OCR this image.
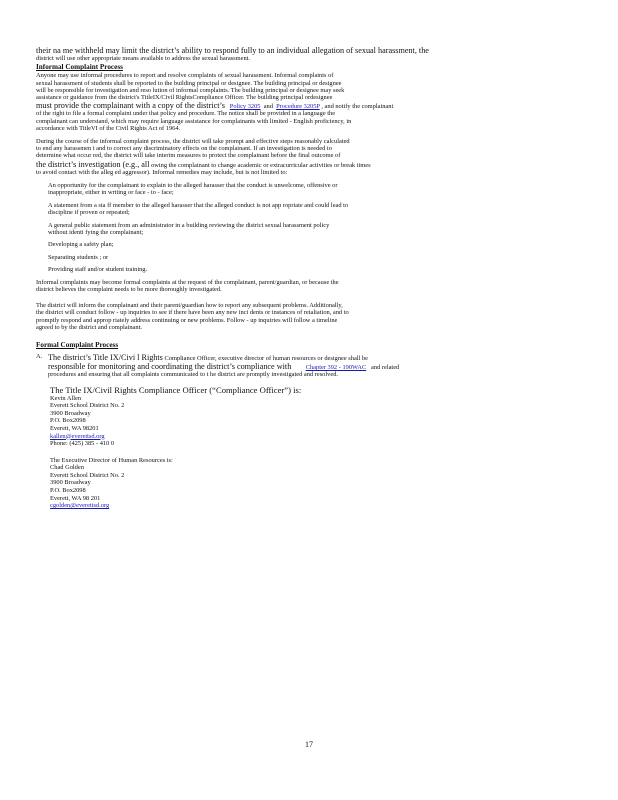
their na me withheld may limit the district’s ability to respond fully to an individual allegation of sexual harassment, the
district will use other appropriate means available to address the sexual harassment.
Informal Complaint Process
Anyone may use informal procedures to report and resolve complaints of sexual harassment. Informal complaints of
sexual harassment of students shall be reported to the building principal or designee. The building principal or designee
will be responsible for investigation and reso lution of informal complaints. The building principal or designee may seek
assistance or guidance from the district's TitleIX/Civil RightsCompliance Officer. The building principal ordesignee
must provide the complainant with a copy of the district’s Policy 3205 and Procedure 3205P , and notify the complainant
of the right to file a formal complaint under that policy and procedure. The notice shall be provided in a language the
complainant can understand, which may require language assistance for complainants with limited - English proficiency, in
accordance with TitleVI of the Civil Rights Act of 1964.
During the course of the informal complaint process, the district will take prompt and effective steps reasonably calculated
to end any harassmen t and to correct any discriminatory effects on the complainant. If an investigation is needed to
determine what occur red, the district will take interim measures to protect the complainant before the final outcome of
the district’s investigation (e.g., all owing the complainant to change academic or extracurricular activities or break times
to avoid contact with the alleg ed aggressor). Informal remedies may include, but is not limited to:
An opportunity for the complainant to explain to the alleged harasser that the conduct is unwelcome, offensive or
inappropriate, either in writing or face - to - face;
A statement from a sta ff member to the alleged harasser that the alleged conduct is not app ropriate and could lead to
discipline if proven or repeated;
A general public statement from an administrator in a building reviewing the district sexual harassment policy
without identi fying the complainant;
Developing a safety plan;
Separating students ; or
Providing staff and/or student training.
Informal complaints may become formal complaints at the request of the complainant, parent/guardian, or because the
district believes the complaint needs to be more thoroughly investigated.
The district will inform the complainant and their parent/guardian how to report any subsequent problems. Additionally,
the district will conduct follow - up inquiries to see if there have been any new inci dents or instances of retaliation, and to
promptly respond and approp riately address continuing or new problems. Follow - up inquiries will follow a timeline
agreed to by the district and complainant.
Formal Complaint Process
A. The district’s Title IX/Civi l Rights Compliance Officer, executive director of human resources or designee shall be
responsible for monitoring and coordinating the district’s compliance with Chapter 392 - 190WAC and related
procedures and ensuring that all complaints communicated to t he district are promptly investigated and resolved.
The Title IX/Civil Rights Compliance Officer (“Compliance Officer”) is:
Kevin Allen
Everett School District No. 2
3900 Broadway
P.O. Box2098
Everett, WA 98201
kallen@everettsd.org
Phone: (425) 385 - 410 0
The Executive Director of Human Resources is:
Chad Golden
Everett School District No. 2
3900 Broadway
P.O. Box2098
Everett, WA 98 201
cgolden@everettsd.org
17
